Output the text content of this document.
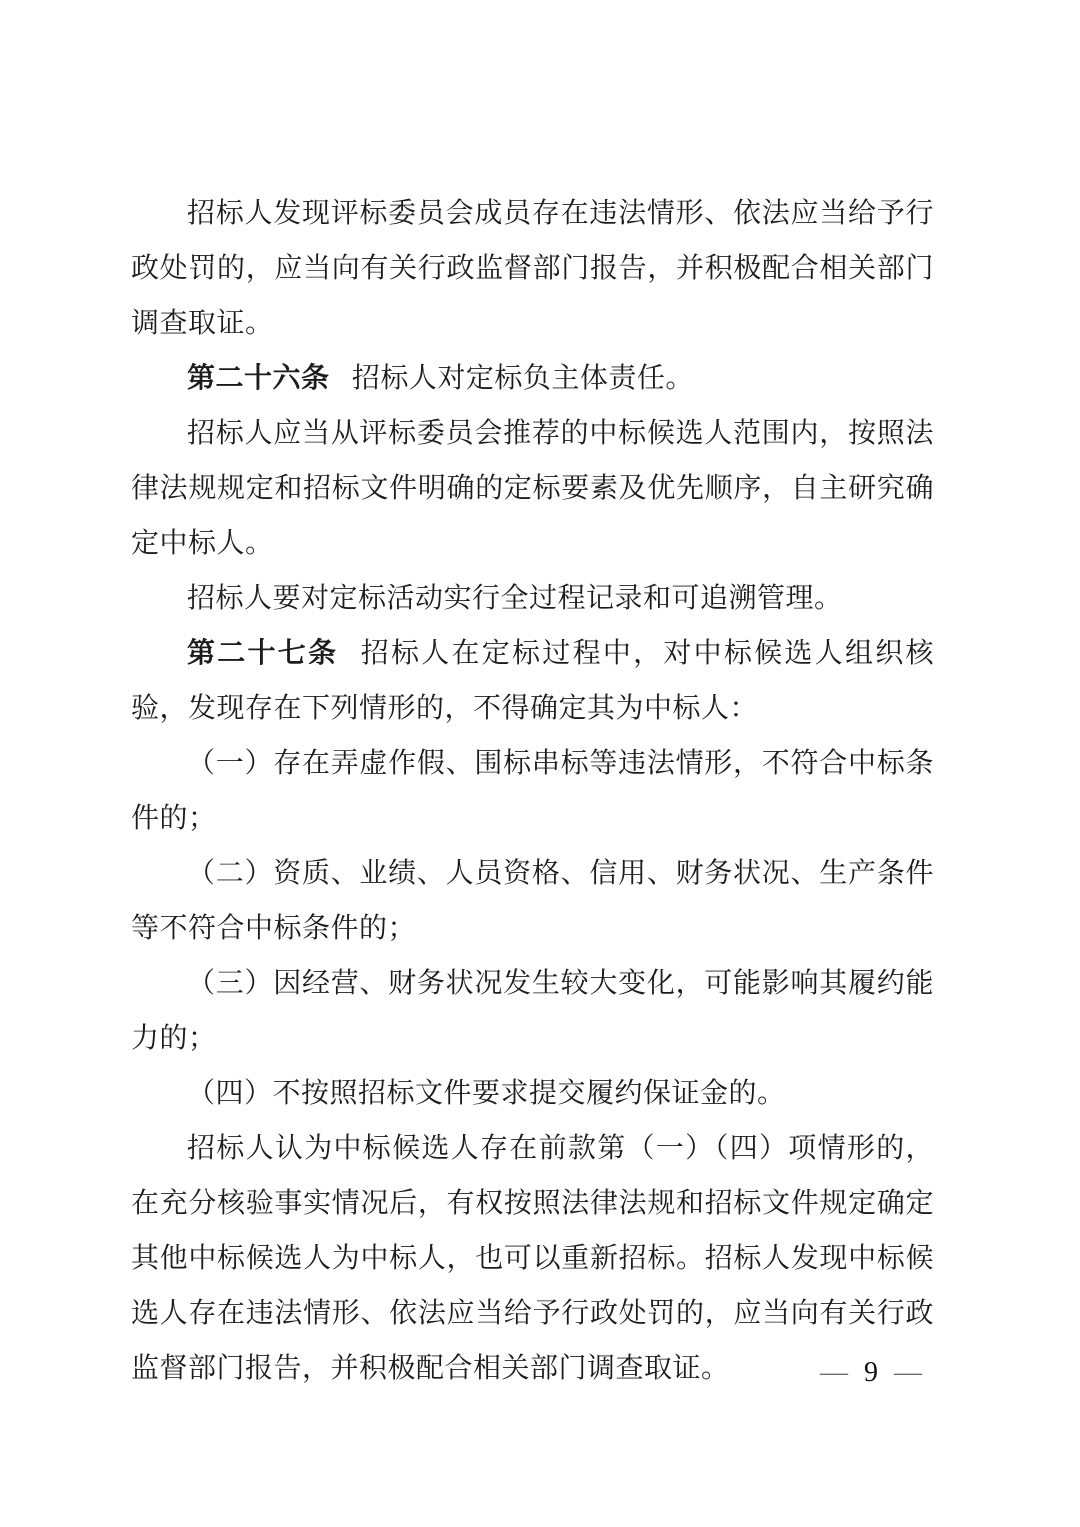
招标人发现评标委员会成员存在违法情形、依法应当给予行政处罚的，应当向有关行政监督部门报告，并积极配合相关部门调查取证。

第二十六条 招标人对定标负主体责任。

招标人应当从评标委员会推荐的中标候选人范围内，按照法律法规规定和招标文件明确的定标要素及优先顺序，自主研究确定中标人。

招标人要对定标活动实行全过程记录和可追溯管理。

第二十七条 招标人在定标过程中，对中标候选人组织核验，发现存在下列情形的，不得确定其为中标人：

（一）存在弄虚作假、围标串标等违法情形，不符合中标条件的；

（二）资质、业绩、人员资格、信用、财务状况、生产条件等不符合中标条件的；

（三）因经营、财务状况发生较大变化，可能影响其履约能力的；

（四）不按照招标文件要求提交履约保证金的。

招标人认为中标候选人存在前款第（一）（四）项情形的，在充分核验事实情况后，有权按照法律法规和招标文件规定确定其他中标候选人为中标人，也可以重新招标。招标人发现中标候选人存在违法情形、依法应当给予行政处罚的，应当向有关行政监督部门报告，并积极配合相关部门调查取证。	— 9 —
